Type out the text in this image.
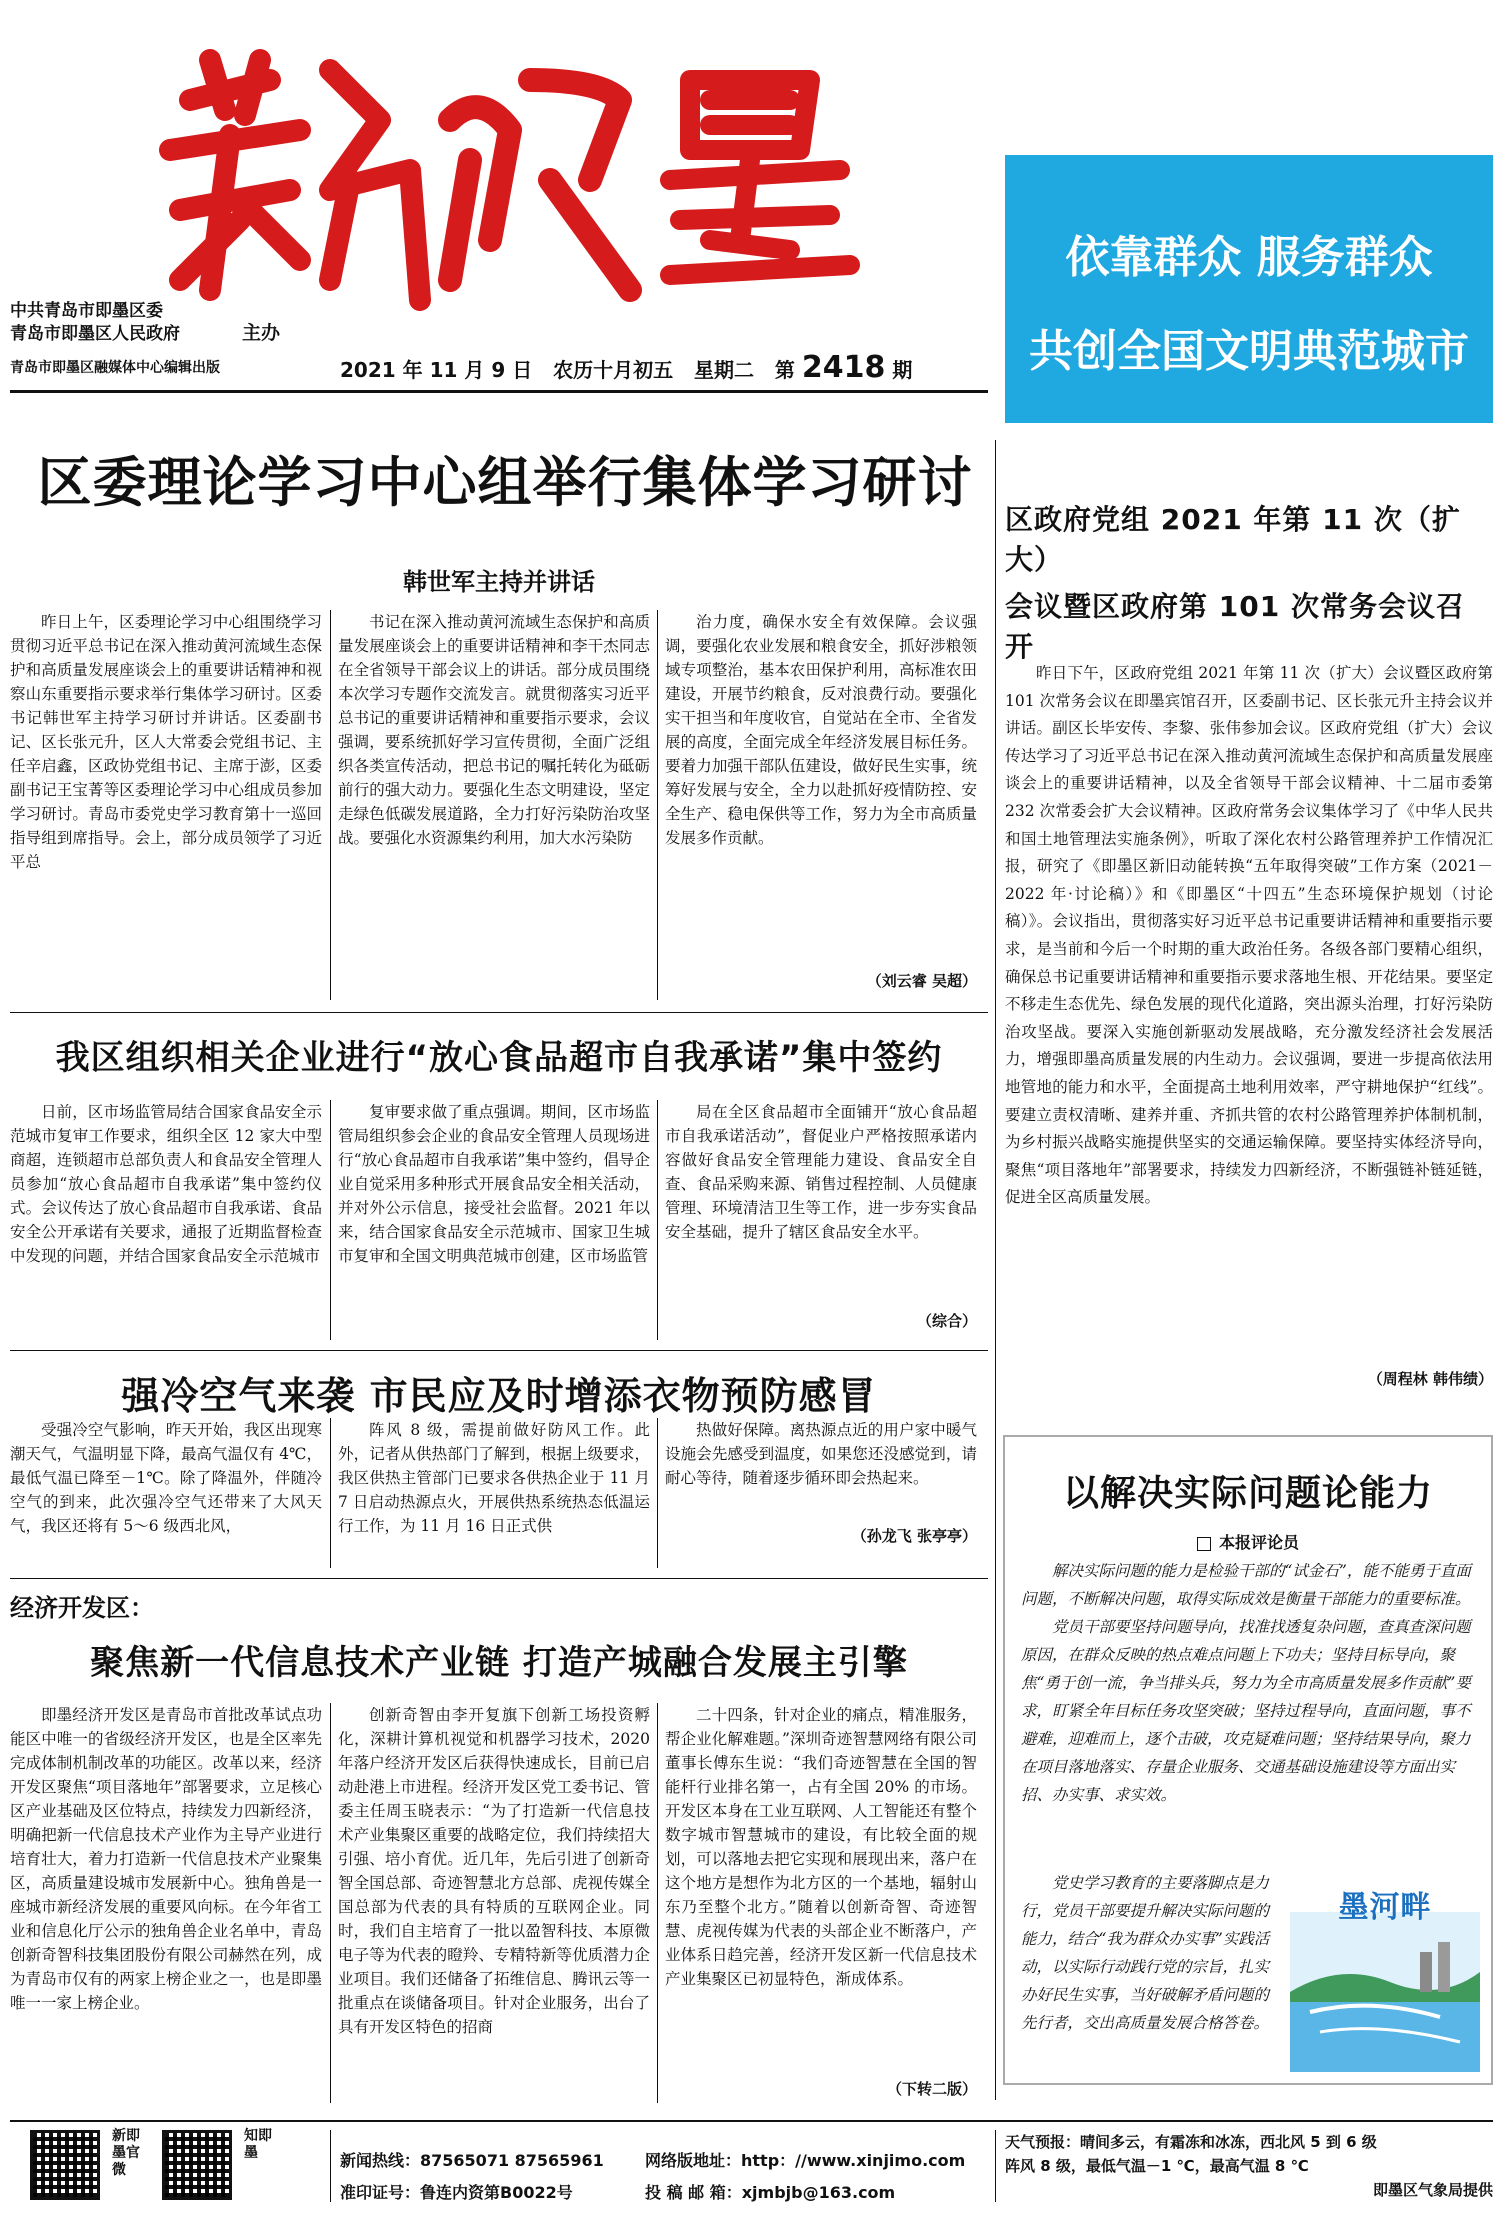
中共青岛市即墨区委
青岛市即墨区人民政府	主办
青岛市即墨区融媒体中心编辑出版	2021 年 11 月 9 日 农历十月初五 星期二 第 2418 期
依靠群众 服务群众
共创全国文明典范城市
区委理论学习中心组举行集体学习研讨
韩世军主持并讲话

昨日上午，区委理论学习中心组围绕学习贯彻习近平总书记在深入推动黄河流域生态保护和高质量发展座谈会上的重要讲话精神和视察山东重要指示要求举行集体学习研讨。区委书记韩世军主持学习研讨并讲话。区委副书记、区长张元升，区人大常委会党组书记、主任辛启鑫，区政协党组书记、主席于澎，区委副书记王宝菁等区委理论学习中心组成员参加学习研讨。青岛市委党史学习教育第十一巡回指导组到席指导。会上，部分成员领学了习近平总

书记在深入推动黄河流域生态保护和高质量发展座谈会上的重要讲话精神和李干杰同志在全省领导干部会议上的讲话。部分成员围绕本次学习专题作交流发言。就贯彻落实习近平总书记的重要讲话精神和重要指示要求，会议强调，要系统抓好学习宣传贯彻，全面广泛组织各类宣传活动，把总书记的嘱托转化为砥砺前行的强大动力。要强化生态文明建设，坚定走绿色低碳发展道路，全力打好污染防治攻坚战。要强化水资源集约利用，加大水污染防

治力度，确保水安全有效保障。会议强调，要强化农业发展和粮食安全，抓好涉粮领域专项整治，基本农田保护利用，高标准农田建设，开展节约粮食，反对浪费行动。要强化实干担当和年度收官，自觉站在全市、全省发展的高度，全面完成全年经济发展目标任务。要着力加强干部队伍建设，做好民生实事，统筹好发展与安全，全力以赴抓好疫情防控、安全生产、稳电保供等工作，努力为全市高质量发展多作贡献。

（刘云睿 吴超）
我区组织相关企业进行“放心食品超市自我承诺”集中签约

日前，区市场监管局结合国家食品安全示范城市复审工作要求，组织全区 12 家大中型商超，连锁超市总部负责人和食品安全管理人员参加“放心食品超市自我承诺”集中签约仪式。会议传达了放心食品超市自我承诺、食品安全公开承诺有关要求，通报了近期监督检查中发现的问题，并结合国家食品安全示范城市

复审要求做了重点强调。期间，区市场监管局组织参会企业的食品安全管理人员现场进行“放心食品超市自我承诺”集中签约，倡导企业自觉采用多种形式开展食品安全相关活动，并对外公示信息，接受社会监督。2021 年以来，结合国家食品安全示范城市、国家卫生城市复审和全国文明典范城市创建，区市场监管

局在全区食品超市全面铺开“放心食品超市自我承诺活动”，督促业户严格按照承诺内容做好食品安全管理能力建设、食品安全自查、食品采购来源、销售过程控制、人员健康管理、环境清洁卫生等工作，进一步夯实食品安全基础，提升了辖区食品安全水平。

（综合）
强冷空气来袭 市民应及时增添衣物预防感冒

受强冷空气影响，昨天开始，我区出现寒潮天气，气温明显下降，最高气温仅有 4℃，最低气温已降至－1℃。除了降温外，伴随冷空气的到来，此次强冷空气还带来了大风天气，我区还将有 5～6 级西北风，

阵风 8 级，需提前做好防风工作。此外，记者从供热部门了解到，根据上级要求，我区供热主管部门已要求各供热企业于 11 月 7 日启动热源点火，开展供热系统热态低温运行工作，为 11 月 16 日正式供

热做好保障。离热源点近的用户家中暖气设施会先感受到温度，如果您还没感觉到，请耐心等待，随着逐步循环即会热起来。

（孙龙飞 张亭亭）
经济开发区：
聚焦新一代信息技术产业链 打造产城融合发展主引擎

即墨经济开发区是青岛市首批改革试点功能区中唯一的省级经济开发区，也是全区率先完成体制机制改革的功能区。改革以来，经济开发区聚焦“项目落地年”部署要求，立足核心区产业基础及区位特点，持续发力四新经济，明确把新一代信息技术产业作为主导产业进行培育壮大，着力打造新一代信息技术产业聚集区，高质量建设城市发展新中心。独角兽是一座城市新经济发展的重要风向标。在今年省工业和信息化厅公示的独角兽企业名单中，青岛创新奇智科技集团股份有限公司赫然在列，成为青岛市仅有的两家上榜企业之一，也是即墨唯一一家上榜企业。

创新奇智由李开复旗下创新工场投资孵化，深耕计算机视觉和机器学习技术，2020 年落户经济开发区后获得快速成长，目前已启动赴港上市进程。经济开发区党工委书记、管委主任周玉晓表示：“为了打造新一代信息技术产业集聚区重要的战略定位，我们持续招大引强、培小育优。近几年，先后引进了创新奇智全国总部、奇迹智慧北方总部、虎视传媒全国总部为代表的具有特质的互联网企业。同时，我们自主培育了一批以盈智科技、本原微电子等为代表的瞪羚、专精特新等优质潜力企业项目。我们还储备了拓维信息、腾讯云等一批重点在谈储备项目。针对企业服务，出台了具有开发区特色的招商

二十四条，针对企业的痛点，精准服务，帮企业化解难题。”深圳奇迹智慧网络有限公司董事长傅东生说：“我们奇迹智慧在全国的智能杆行业排名第一，占有全国 20% 的市场。开发区本身在工业互联网、人工智能还有整个数字城市智慧城市的建设，有比较全面的规划，可以落地去把它实现和展现出来，落户在这个地方是想作为北方区的一个基地，辐射山东乃至整个北方。”随着以创新奇智、奇迹智慧、虎视传媒为代表的头部企业不断落户，产业体系日趋完善，经济开发区新一代信息技术产业集聚区已初显特色，渐成体系。

（下转二版）
区政府党组 2021 年第 11 次（扩大）
会议暨区政府第 101 次常务会议召开

昨日下午，区政府党组 2021 年第 11 次（扩大）会议暨区政府第 101 次常务会议在即墨宾馆召开，区委副书记、区长张元升主持会议并讲话。副区长毕安传、李黎、张伟参加会议。区政府党组（扩大）会议传达学习了习近平总书记在深入推动黄河流域生态保护和高质量发展座谈会上的重要讲话精神，以及全省领导干部会议精神、十二届市委第 232 次常委会扩大会议精神。区政府常务会议集体学习了《中华人民共和国土地管理法实施条例》，听取了深化农村公路管理养护工作情况汇报，研究了《即墨区新旧动能转换“五年取得突破”工作方案（2021－2022 年·讨论稿）》和《即墨区“十四五”生态环境保护规划（讨论稿）》。会议指出，贯彻落实好习近平总书记重要讲话精神和重要指示要求，是当前和今后一个时期的重大政治任务。各级各部门要精心组织，确保总书记重要讲话精神和重要指示要求落地生根、开花结果。要坚定不移走生态优先、绿色发展的现代化道路，突出源头治理，打好污染防治攻坚战。要深入实施创新驱动发展战略，充分激发经济社会发展活力，增强即墨高质量发展的内生动力。会议强调，要进一步提高依法用地管地的能力和水平，全面提高土地利用效率，严守耕地保护“红线”。要建立责权清晰、建养并重、齐抓共管的农村公路管理养护体制机制，为乡村振兴战略实施提供坚实的交通运输保障。要坚持实体经济导向，聚焦“项目落地年”部署要求，持续发力四新经济，不断强链补链延链，促进全区高质量发展。

（周程林 韩伟绩）
以解决实际问题论能力
本报评论员

解决实际问题的能力是检验干部的“试金石”，能不能勇于直面问题，不断解决问题，取得实际成效是衡量干部能力的重要标准。

党员干部要坚持问题导向，找准找透复杂问题，查真查深问题原因，在群众反映的热点难点问题上下功夫；坚持目标导向，聚焦“勇于创一流，争当排头兵，努力为全市高质量发展多作贡献”要求，盯紧全年目标任务攻坚突破；坚持过程导向，直面问题，事不避难，迎难而上，逐个击破，攻克疑难问题；坚持结果导向，聚力在项目落地落实、存量企业服务、交通基础设施建设等方面出实招、办实事、求实效。

党史学习教育的主要落脚点是力行，党员干部要提升解决实际问题的能力，结合“我为群众办实事”实践活动，以实际行动践行党的宗旨，扎实办好民生实事，当好破解矛盾问题的先行者，交出高质量发展合格答卷。

墨河畔
新即墨官微
知即墨	新闻热线：87565071 87565961
准印证号：鲁连内资第B0022号
网络版地址：http：//www.xinjimo.com
投 稿 邮 箱：xjmbjb@163.com
天气预报：晴间多云，有霜冻和冰冻，西北风 5 到 6 级
阵风 8 级，最低气温－1 ℃，最高气温 8 ℃
即墨区气象局提供
